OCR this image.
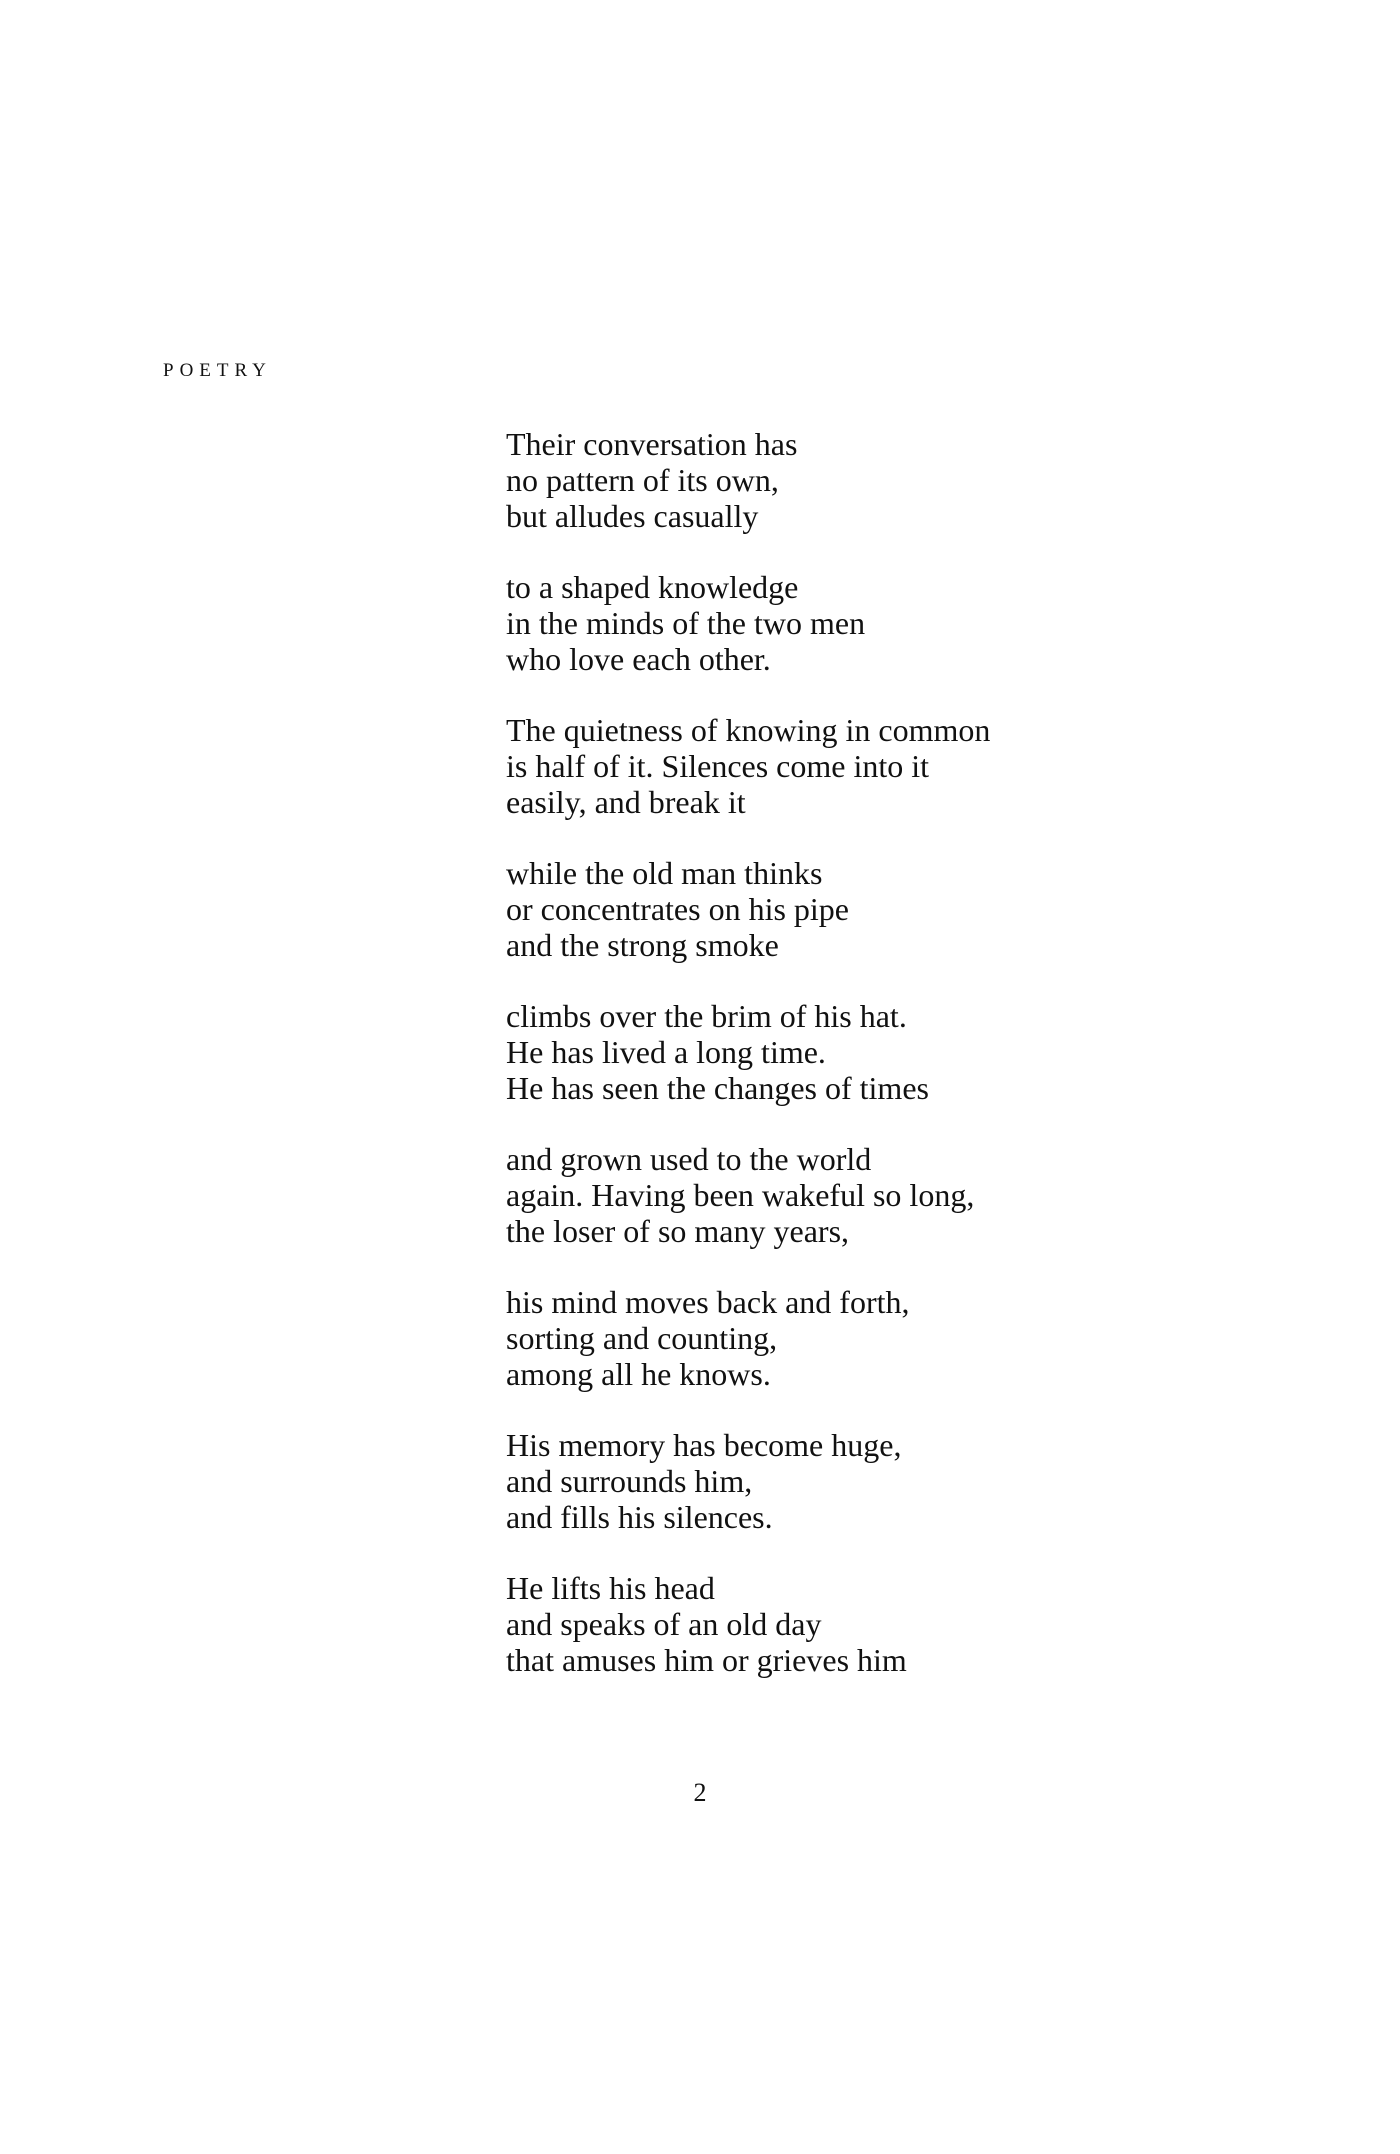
POETRY

Their conversation has
no pattern of its own,
but alludes casually

to a shaped knowledge
in the minds of the two men
who love each other.

The quietness of knowing in common
is half of it. Silences come into it
easily, and break it

while the old man thinks
or concentrates on his pipe
and the strong smoke

climbs over the brim of his hat.
He has lived a long time.
He has seen the changes of times

and grown used to the world
again. Having been wakeful so long,
the loser of so many years,

his mind moves back and forth,
sorting and counting,
among all he knows.

His memory has become huge,
and surrounds him,
and fills his silences.

He lifts his head
and speaks of an old day
that amuses him or grieves him

2
